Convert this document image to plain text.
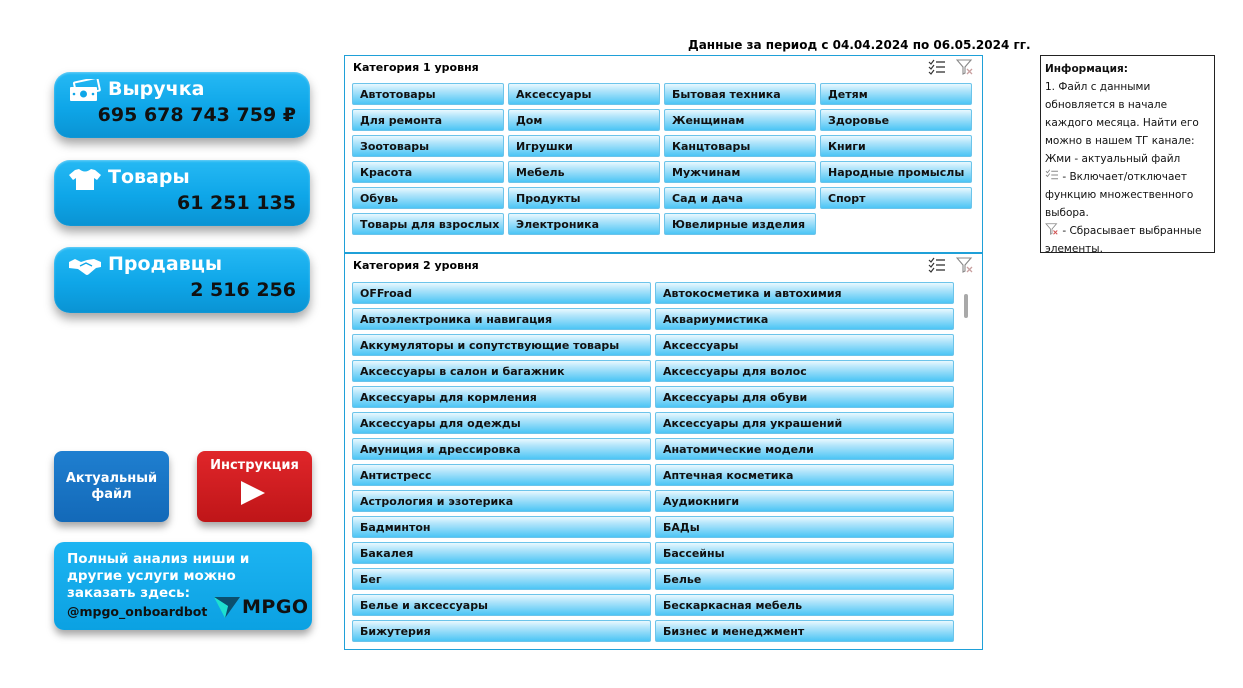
Выручка
695 678 743 759 ₽
Товары
61 251 135
Продавцы
2 516 256
Актуальный файл
Инструкция
Полный анализ ниши и другие услуги можно заказать здесь:
@mpgo_onboardbot MPGO
Данные за период с 04.04.2024 по 06.05.2024 гг.
Категория 1 уровня
Автотовары	Аксессуары	Бытовая техника	Детям
Для ремонта	Дом	Женщинам	Здоровье
Зоотовары	Игрушки	Канцтовары	Книги
Красота	Мебель	Мужчинам	Народные промыслы
Обувь	Продукты	Сад и дача	Спорт
Товары для взрослых	Электроника	Ювелирные изделия
Категория 2 уровня
OFFroad	Автокосметика и автохимия
Автоэлектроника и навигация	Аквариумистика
Аккумуляторы и сопутствующие товары	Аксессуары
Аксессуары в салон и багажник	Аксессуары для волос
Аксессуары для кормления	Аксессуары для обуви
Аксессуары для одежды	Аксессуары для украшений
Амуниция и дрессировка	Анатомические модели
Антистресс	Аптечная косметика
Астрология и эзотерика	Аудиокниги
Бадминтон	БАДы
Бакалея	Бассейны
Бег	Белье
Белье и аксессуары	Бескаркасная мебель
Бижутерия	Бизнес и менеджмент
Информация:
1. Файл с данными обновляется в начале каждого месяца. Найти его можно в нашем ТГ канале: Жми - актуальный файл
- Включает/отключает функцию множественного выбора.
- Сбрасывает выбранные элементы.
